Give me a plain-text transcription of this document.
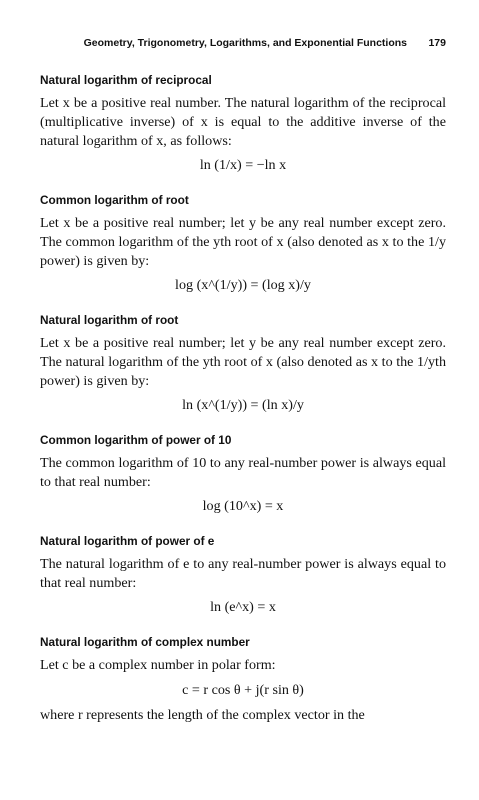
Geometry, Trigonometry, Logarithms, and Exponential Functions 179
Natural logarithm of reciprocal

Let x be a positive real number. The natural logarithm of the reciprocal (multiplicative inverse) of x is equal to the additive inverse of the natural logarithm of x, as follows:

ln (1/x) = −ln x
Common logarithm of root

Let x be a positive real number; let y be any real number except zero. The common logarithm of the yth root of x (also denoted as x to the 1/y power) is given by:

log (x^(1/y)) = (log x)/y
Natural logarithm of root

Let x be a positive real number; let y be any real number except zero. The natural logarithm of the yth root of x (also denoted as x to the 1/yth power) is given by:

ln (x^(1/y)) = (ln x)/y
Common logarithm of power of 10

The common logarithm of 10 to any real-number power is always equal to that real number:

log (10^x) = x
Natural logarithm of power of e

The natural logarithm of e to any real-number power is always equal to that real number:

ln (e^x) = x
Natural logarithm of complex number

Let c be a complex number in polar form:

c = r cos θ + j(r sin θ)

where r represents the length of the complex vector in the
